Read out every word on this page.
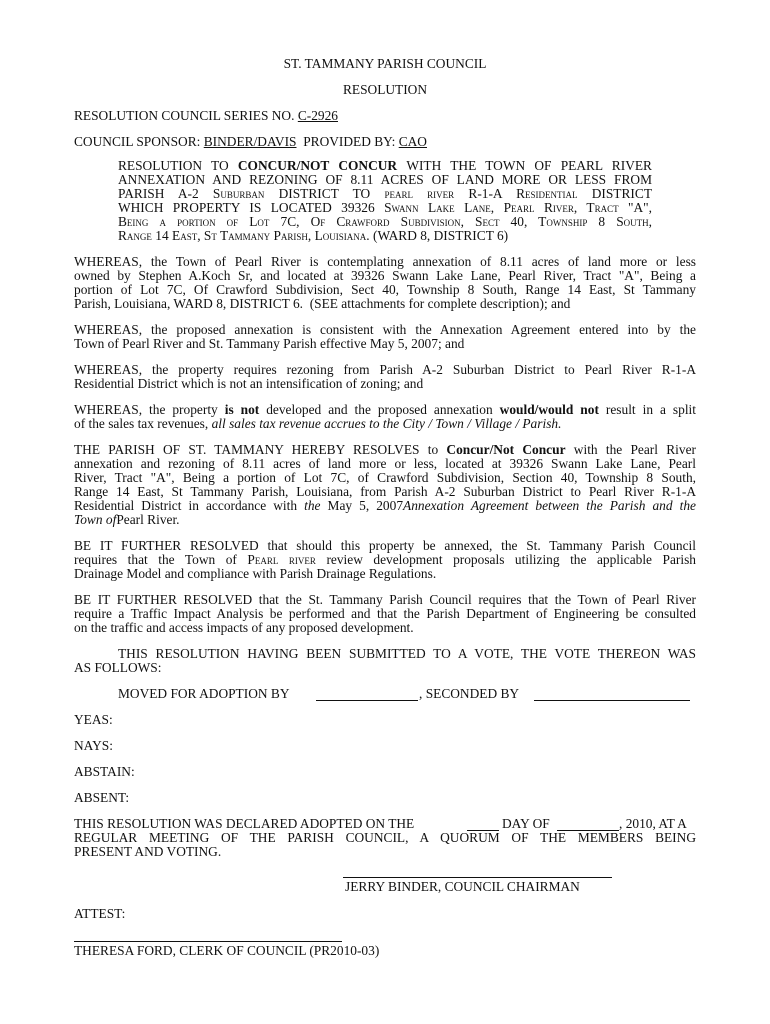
ST. TAMMANY PARISH COUNCIL
RESOLUTION
RESOLUTION COUNCIL SERIES NO. C-2926
COUNCIL SPONSOR: BINDER/DAVIS PROVIDED BY: CAO
RESOLUTION TO CONCUR/NOT CONCUR WITH THE TOWN OF PEARL RIVER
ANNEXATION AND REZONING OF 8.11 ACRES OF LAND MORE OR LESS FROM
PARISH A-2 Suburban DISTRICT TO pearl river R-1-A Residential DISTRICT
WHICH PROPERTY IS LOCATED 39326 Swann Lake Lane, Pearl River, Tract "A",
Being a portion of Lot 7C, Of Crawford Subdivision, Sect 40, Township 8 South,
Range 14 East, St Tammany Parish, Louisiana. (WARD 8, DISTRICT 6)
WHEREAS, the Town of Pearl River is contemplating annexation of 8.11 acres of land more or less
owned by Stephen A.Koch Sr, and located at 39326 Swann Lake Lane, Pearl River, Tract "A", Being a
portion of Lot 7C, Of Crawford Subdivision, Sect 40, Township 8 South, Range 14 East, St Tammany
Parish, Louisiana, WARD 8, DISTRICT 6.  (SEE attachments for complete description); and
WHEREAS, the proposed annexation is consistent with the Annexation Agreement entered into by the
Town of Pearl River and St. Tammany Parish effective May 5, 2007; and
WHEREAS, the property requires rezoning from Parish A-2 Suburban District to Pearl River R-1-A
Residential District which is not an intensification of zoning; and
WHEREAS, the property is not developed and the proposed annexation would/would not result in a split
of the sales tax revenues, all sales tax revenue accrues to the City / Town / Village / Parish.
THE PARISH OF ST. TAMMANY HEREBY RESOLVES to Concur/Not Concur with the Pearl River
annexation and rezoning of 8.11 acres of land more or less, located at 39326 Swann Lake Lane, Pearl
River, Tract "A", Being a portion of Lot 7C, of Crawford Subdivision, Section 40, Township 8 South,
Range 14 East, St Tammany Parish, Louisiana, from Parish A-2 Suburban District to Pearl River R-1-A
Residential District in accordance with the May 5, 2007Annexation Agreement between the Parish and the
Town ofPearl River.
BE IT FURTHER RESOLVED that should this property be annexed, the St. Tammany Parish Council
requires that the Town of Pearl river review development proposals utilizing the applicable Parish
Drainage Model and compliance with Parish Drainage Regulations.
BE IT FURTHER RESOLVED that the St. Tammany Parish Council requires that the Town of Pearl River
require a Traffic Impact Analysis be performed and that the Parish Department of Engineering be consulted
on the traffic and access impacts of any proposed development.
THIS RESOLUTION HAVING BEEN SUBMITTED TO A VOTE, THE VOTE THEREON WAS
AS FOLLOWS:
MOVED FOR ADOPTION BY	, SECONDED BY
YEAS:
NAYS:
ABSTAIN:
ABSENT:
THIS RESOLUTION WAS DECLARED ADOPTED ON THE	DAY OF	, 2010, AT A
REGULAR MEETING OF THE PARISH COUNCIL, A QUORUM OF THE MEMBERS BEING
PRESENT AND VOTING.
JERRY BINDER, COUNCIL CHAIRMAN
ATTEST:
THERESA FORD, CLERK OF COUNCIL (PR2010-03)
